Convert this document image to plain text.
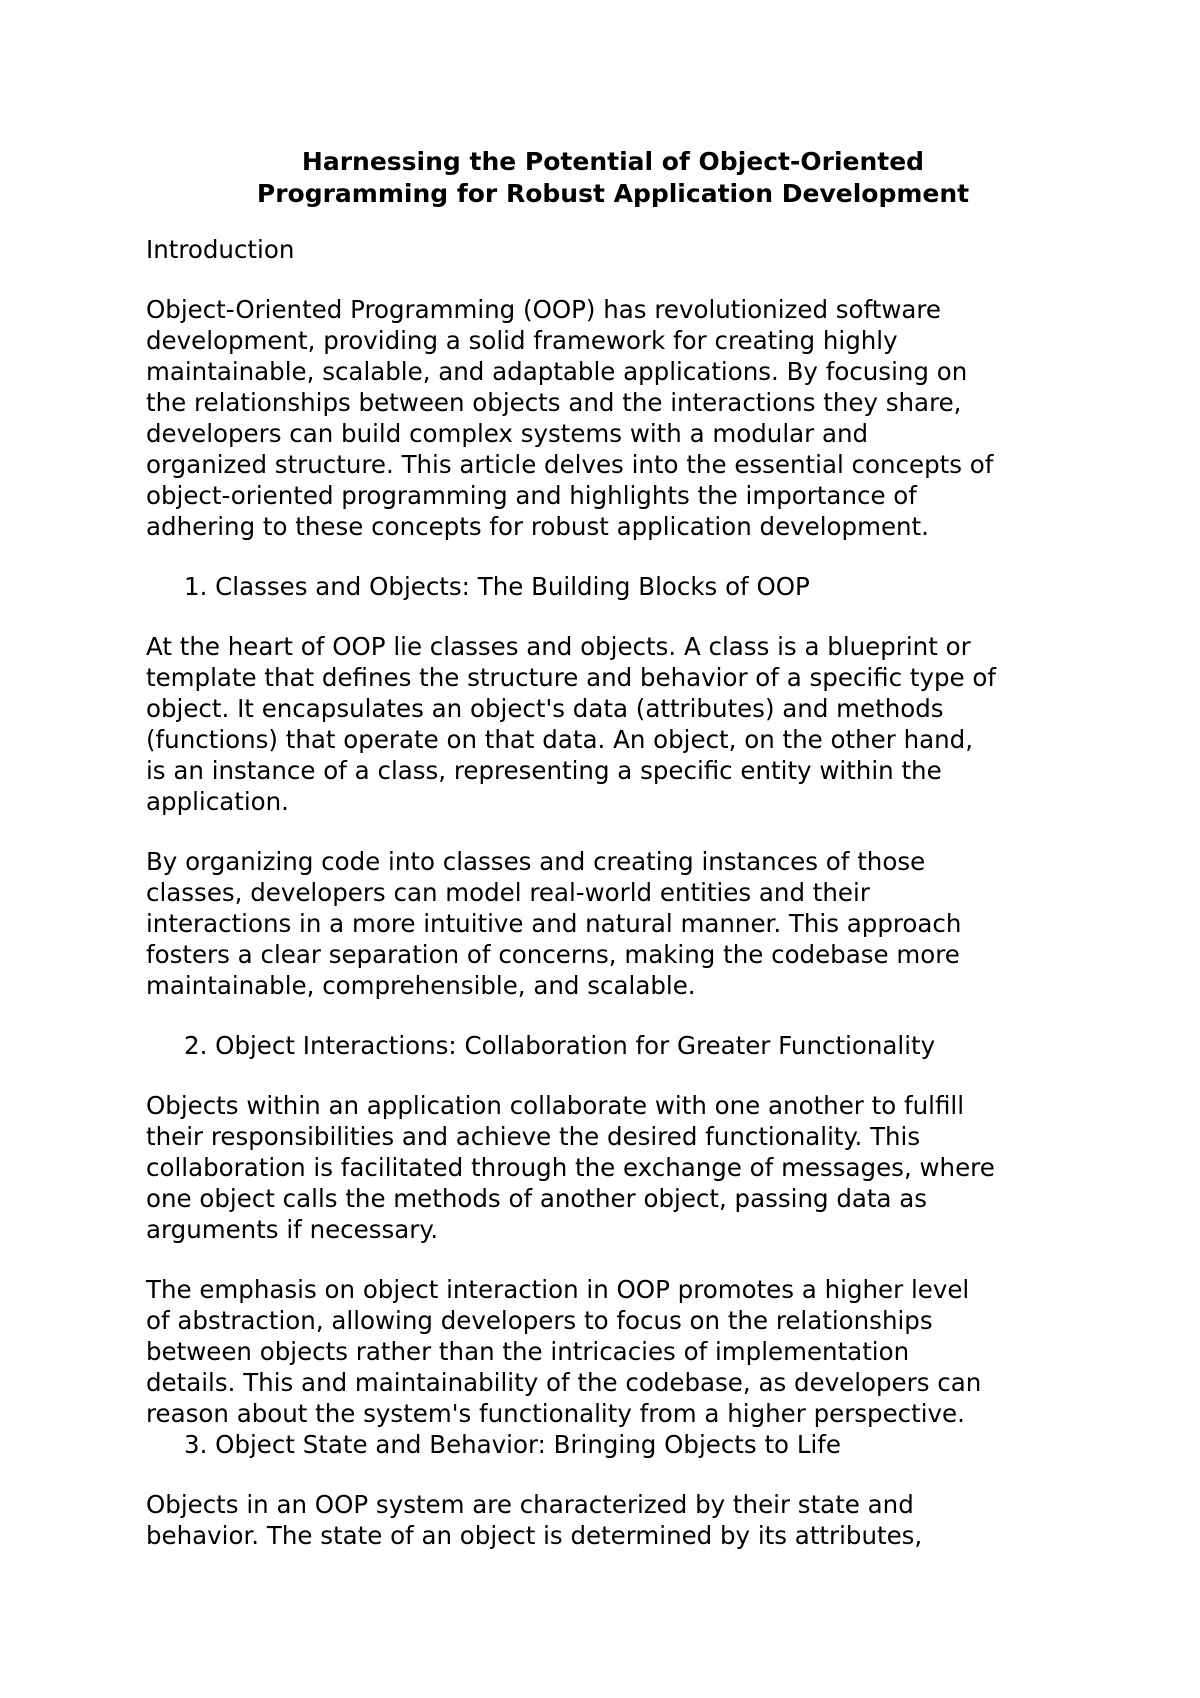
Harnessing the Potential of Object-Oriented
Programming for Robust Application Development

Introduction

Object-Oriented Programming (OOP) has revolutionized software
development, providing a solid framework for creating highly
maintainable, scalable, and adaptable applications. By focusing on
the relationships between objects and the interactions they share,
developers can build complex systems with a modular and
organized structure. This article delves into the essential concepts of
object-oriented programming and highlights the importance of
adhering to these concepts for robust application development.

1. Classes and Objects: The Building Blocks of OOP

At the heart of OOP lie classes and objects. A class is a blueprint or
template that defines the structure and behavior of a specific type of
object. It encapsulates an object's data (attributes) and methods
(functions) that operate on that data. An object, on the other hand,
is an instance of a class, representing a specific entity within the
application.

By organizing code into classes and creating instances of those
classes, developers can model real-world entities and their
interactions in a more intuitive and natural manner. This approach
fosters a clear separation of concerns, making the codebase more
maintainable, comprehensible, and scalable.

2. Object Interactions: Collaboration for Greater Functionality

Objects within an application collaborate with one another to fulfill
their responsibilities and achieve the desired functionality. This
collaboration is facilitated through the exchange of messages, where
one object calls the methods of another object, passing data as
arguments if necessary.

The emphasis on object interaction in OOP promotes a higher level
of abstraction, allowing developers to focus on the relationships
between objects rather than the intricacies of implementation
details. This and maintainability of the codebase, as developers can
reason about the system's functionality from a higher perspective.

3. Object State and Behavior: Bringing Objects to Life

Objects in an OOP system are characterized by their state and
behavior. The state of an object is determined by its attributes,
